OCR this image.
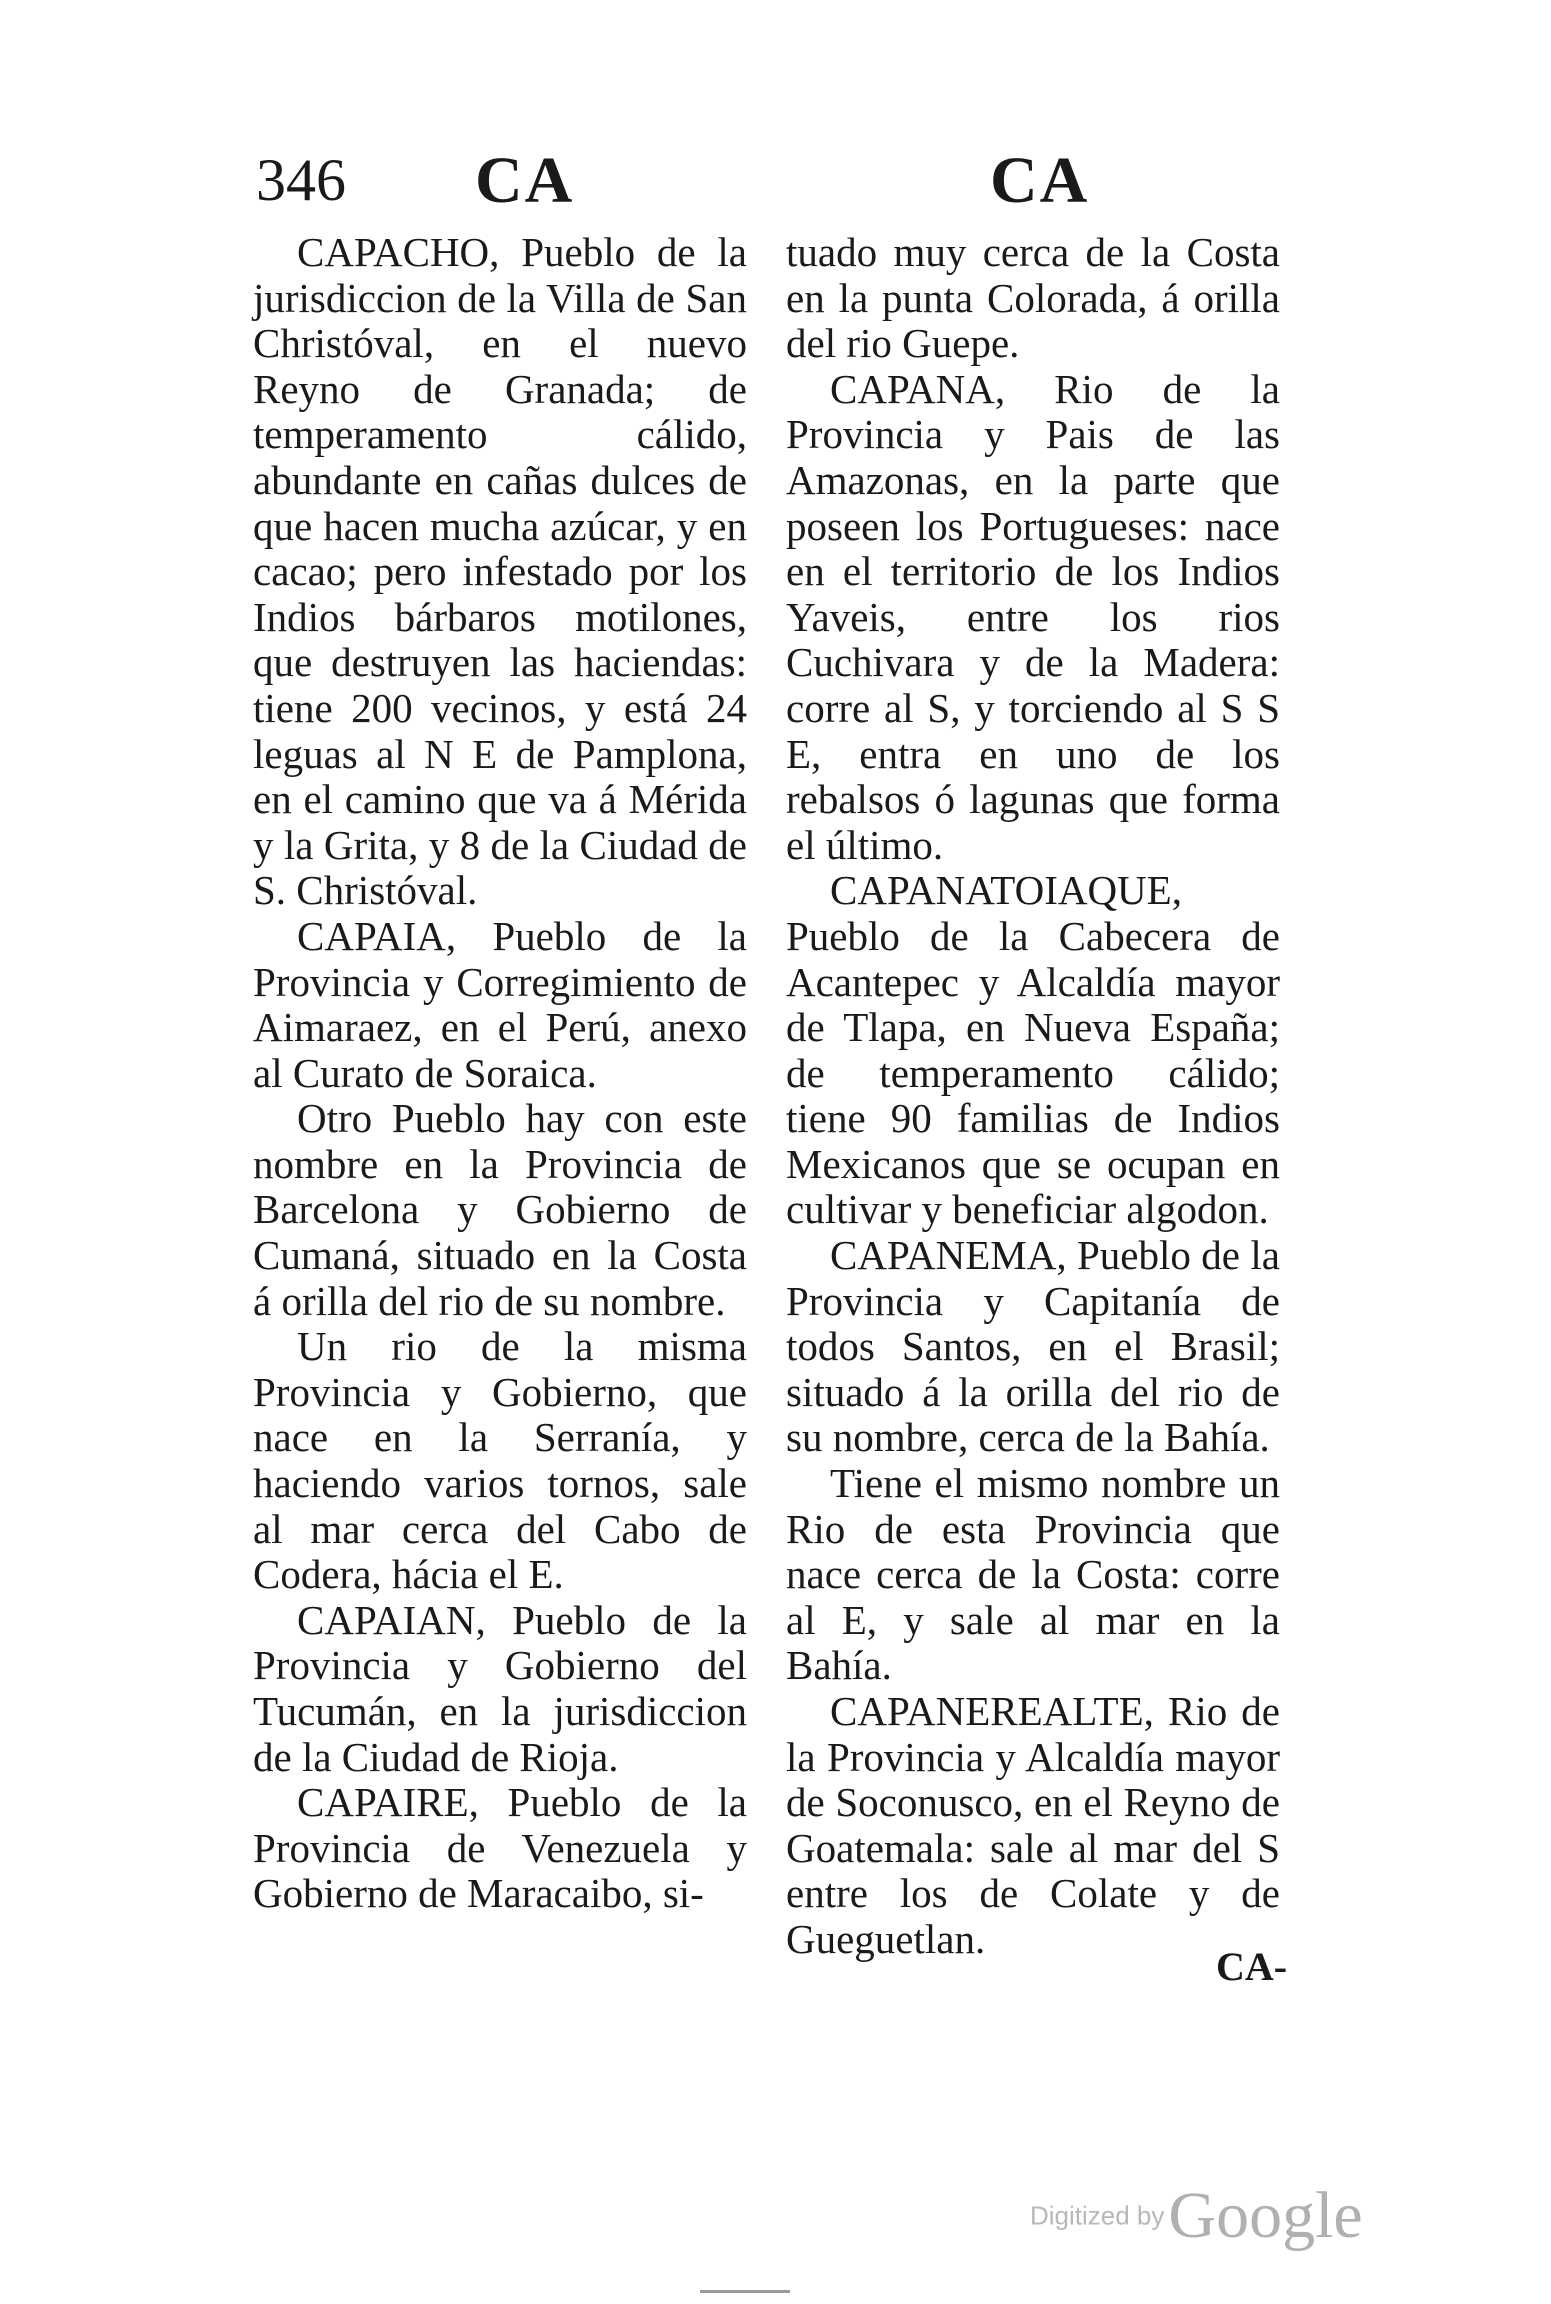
346 CA	CA

CAPACHO, Pueblo de la jurisdiccion de la Villa de San Christóval, en el nuevo Reyno de Granada; de temperamento cálido, abundante en cañas dulces de que hacen mucha azúcar, y en cacao; pero infestado por los Indios bárbaros motilones, que destruyen las haciendas: tiene 200 vecinos, y está 24 leguas al N E de Pamplona, en el camino que va á Mérida y la Grita, y 8 de la Ciudad de S. Christóval.

CAPAIA, Pueblo de la Provincia y Corregimiento de Aimaraez, en el Perú, anexo al Curato de Soraica.

Otro Pueblo hay con este nombre en la Provincia de Barcelona y Gobierno de Cumaná, situado en la Costa á orilla del rio de su nombre.

Un rio de la misma Provincia y Gobierno, que nace en la Serranía, y haciendo varios tornos, sale al mar cerca del Cabo de Codera, hácia el E.

CAPAIAN, Pueblo de la Provincia y Gobierno del Tucumán, en la jurisdiccion de la Ciudad de Rioja.

CAPAIRE, Pueblo de la Provincia de Venezuela y Gobierno de Maracaibo, si-

tuado muy cerca de la Costa en la punta Colorada, á orilla del rio Guepe.

CAPANA, Rio de la Provincia y Pais de las Amazonas, en la parte que poseen los Portugueses: nace en el territorio de los Indios Yaveis, entre los rios Cuchivara y de la Madera: corre al S, y torciendo al S S E, entra en uno de los rebalsos ó lagunas que forma el último.

CAPANATOIAQUE, Pueblo de la Cabecera de Acantepec y Alcaldía mayor de Tlapa, en Nueva España; de temperamento cálido; tiene 90 familias de Indios Mexicanos que se ocupan en cultivar y beneficiar algodon.

CAPANEMA, Pueblo de la Provincia y Capitanía de todos Santos, en el Brasil; situado á la orilla del rio de su nombre, cerca de la Bahía.

Tiene el mismo nombre un Rio de esta Provincia que nace cerca de la Costa: corre al E, y sale al mar en la Bahía.

CAPANEREALTE, Rio de la Provincia y Alcaldía mayor de Soconusco, en el Reyno de Goatemala: sale al mar del S entre los de Colate y de Gueguetlan.

CA-
Digitized by Google
